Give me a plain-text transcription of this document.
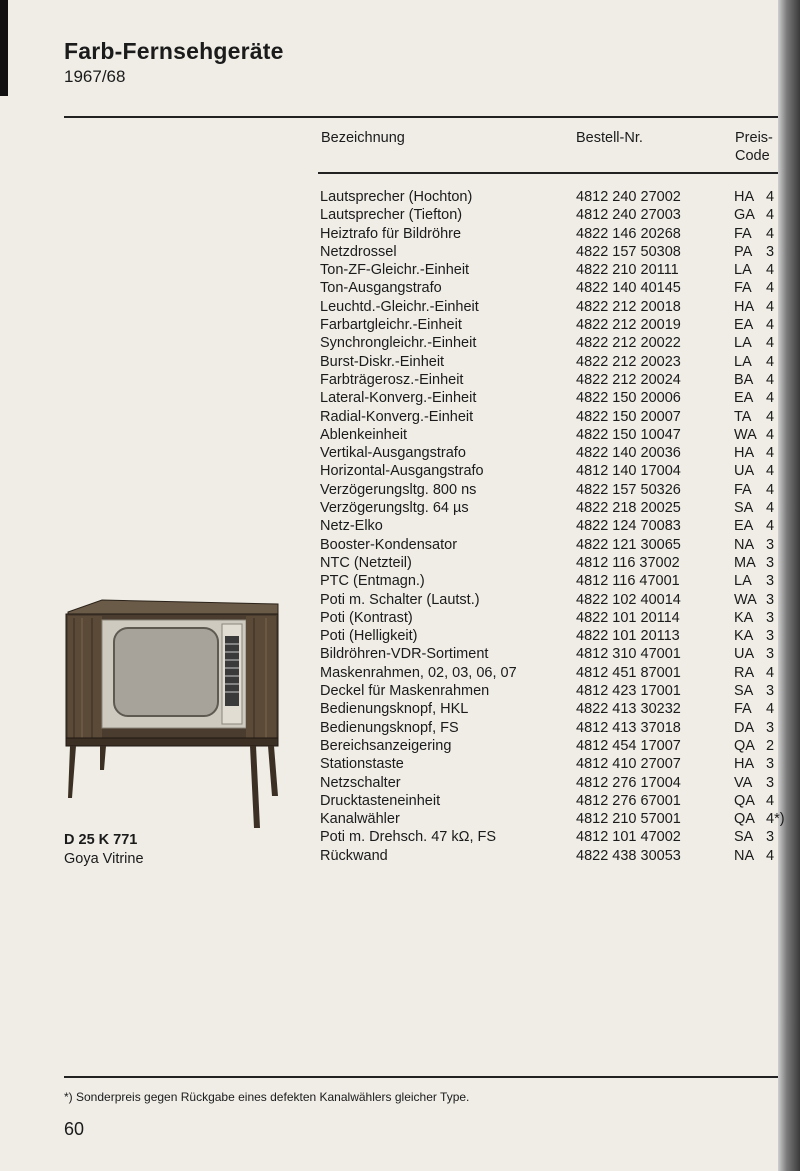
Farb-Fernsehgeräte
1967/68
Bezeichnung	Bestell-Nr.	Preis-
Code
Lautsprecher (Hochton)	4812 240 27002	HA 4
Lautsprecher (Tiefton)	4812 240 27003	GA 4
Heiztrafo für Bildröhre	4822 146 20268	FA 4
Netzdrossel	4822 157 50308	PA 3
Ton-ZF-Gleichr.-Einheit	4822 210 20111	LA 4
Ton-Ausgangstrafo	4822 140 40145	FA 4
Leuchtd.-Gleichr.-Einheit	4822 212 20018	HA 4
Farbartgleichr.-Einheit	4822 212 20019	EA 4
Synchrongleichr.-Einheit	4822 212 20022	LA 4
Burst-Diskr.-Einheit	4822 212 20023	LA 4
Farbträgerosz.-Einheit	4822 212 20024	BA 4
Lateral-Konverg.-Einheit	4822 150 20006	EA 4
Radial-Konverg.-Einheit	4822 150 20007	TA 4
Ablenkeinheit	4822 150 10047	WA 4
Vertikal-Ausgangstrafo	4822 140 20036	HA 4
Horizontal-Ausgangstrafo	4812 140 17004	UA 4
Verzögerungsltg. 800 ns	4822 157 50326	FA 4
Verzögerungsltg. 64 µs	4822 218 20025	SA 4
Netz-Elko	4822 124 70083	EA 4
Booster-Kondensator	4822 121 30065	NA 3
NTC (Netzteil)	4812 116 37002	MA 3
PTC (Entmagn.)	4812 116 47001	LA 3
Poti m. Schalter (Lautst.)	4822 102 40014	WA 3
Poti (Kontrast)	4822 101 20114	KA 3
Poti (Helligkeit)	4822 101 20113	KA 3
Bildröhren-VDR-Sortiment	4812 310 47001	UA 3
Maskenrahmen, 02, 03, 06, 07	4812 451 87001	RA 4
Deckel für Maskenrahmen	4812 423 17001	SA 3
Bedienungsknopf, HKL	4822 413 30232	FA 4
Bedienungsknopf, FS	4812 413 37018	DA 3
Bereichsanzeigering	4812 454 17007	QA 2
Stationstaste	4812 410 27007	HA 3
Netzschalter	4812 276 17004	VA 3
Drucktasteneinheit	4812 276 67001	QA 4
Kanalwähler	4812 210 57001	QA 4*)
Poti m. Drehsch. 47 kΩ, FS	4812 101 47002	SA 3
Rückwand	4822 438 30053	NA 4
D 25 K 771
Goya Vitrine
*) Sonderpreis gegen Rückgabe eines defekten Kanalwählers gleicher Type.
60
